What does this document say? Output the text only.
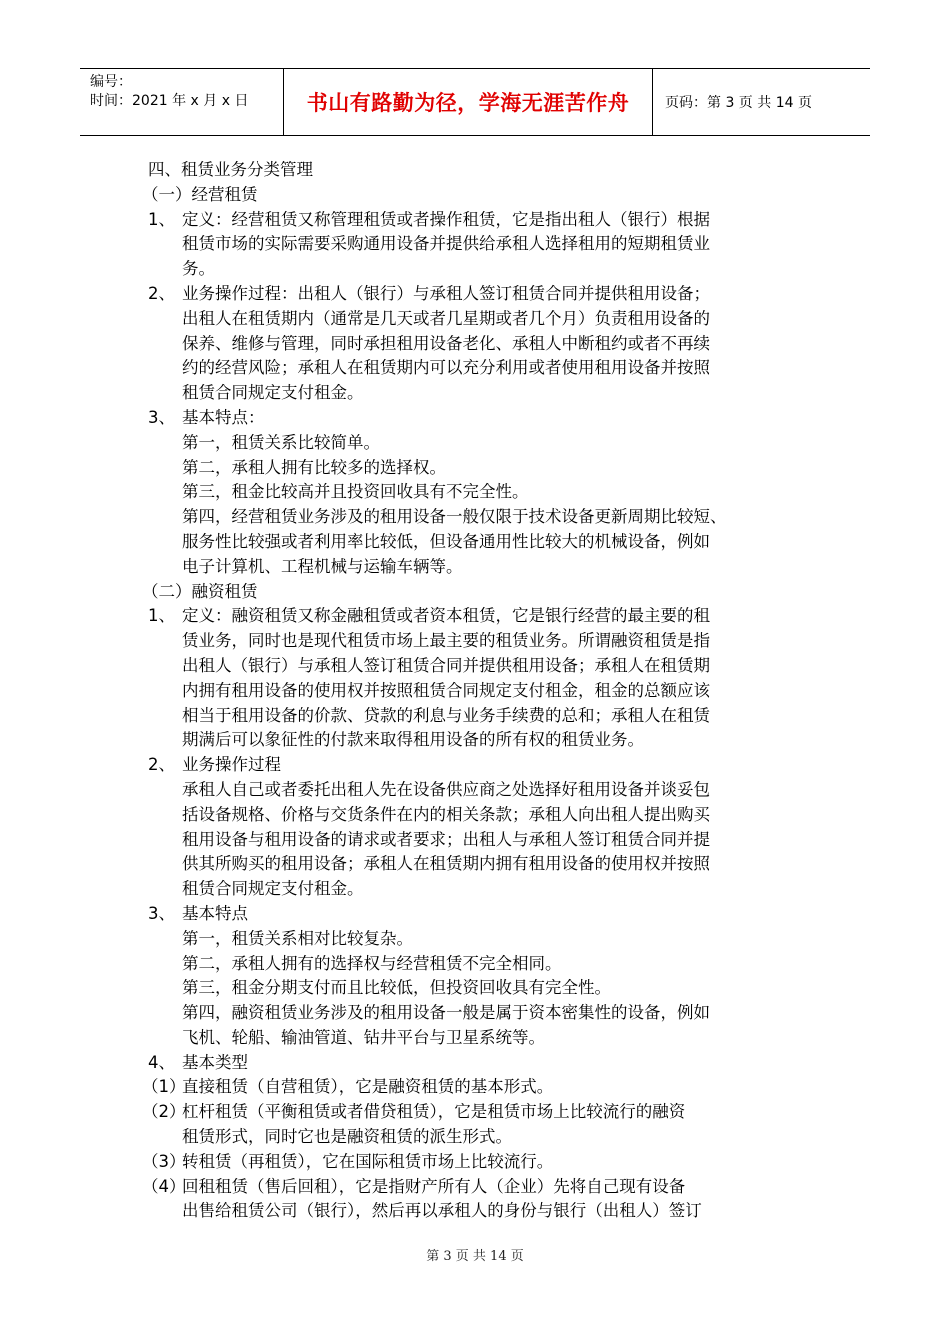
编号：
时间：2021 年 x 月 x 日	书山有路勤为径，学海无涯苦作舟	页码：第 3 页 共 14 页
四、租赁业务分类管理
（一）经营租赁
1、 定义：经营租赁又称管理租赁或者操作租赁，它是指出租人（银行）根据
租赁市场的实际需要采购通用设备并提供给承租人选择租用的短期租赁业
务。
2、 业务操作过程：出租人（银行）与承租人签订租赁合同并提供租用设备；
出租人在租赁期内（通常是几天或者几星期或者几个月）负责租用设备的
保养、维修与管理，同时承担租用设备老化、承租人中断租约或者不再续
约的经营风险；承租人在租赁期内可以充分利用或者使用租用设备并按照
租赁合同规定支付租金。
3、 基本特点：
第一，租赁关系比较简单。
第二，承租人拥有比较多的选择权。
第三，租金比较高并且投资回收具有不完全性。
第四，经营租赁业务涉及的租用设备一般仅限于技术设备更新周期比较短、
服务性比较强或者利用率比较低，但设备通用性比较大的机械设备，例如
电子计算机、工程机械与运输车辆等。
（二）融资租赁
1、 定义：融资租赁又称金融租赁或者资本租赁，它是银行经营的最主要的租
赁业务，同时也是现代租赁市场上最主要的租赁业务。所谓融资租赁是指
出租人（银行）与承租人签订租赁合同并提供租用设备；承租人在租赁期
内拥有租用设备的使用权并按照租赁合同规定支付租金，租金的总额应该
相当于租用设备的价款、贷款的利息与业务手续费的总和；承租人在租赁
期满后可以象征性的付款来取得租用设备的所有权的租赁业务。
2、 业务操作过程
承租人自己或者委托出租人先在设备供应商之处选择好租用设备并谈妥包
括设备规格、价格与交货条件在内的相关条款；承租人向出租人提出购买
租用设备与租用设备的请求或者要求；出租人与承租人签订租赁合同并提
供其所购买的租用设备；承租人在租赁期内拥有租用设备的使用权并按照
租赁合同规定支付租金。
3、 基本特点
第一，租赁关系相对比较复杂。
第二，承租人拥有的选择权与经营租赁不完全相同。
第三，租金分期支付而且比较低，但投资回收具有完全性。
第四，融资租赁业务涉及的租用设备一般是属于资本密集性的设备，例如
飞机、轮船、输油管道、钻井平台与卫星系统等。
4、 基本类型
（1）
直接租赁（自营租赁），它是融资租赁的基本形式。
（2）
杠杆租赁（平衡租赁或者借贷租赁），它是租赁市场上比较流行的融资
租赁形式，同时它也是融资租赁的派生形式。
（3）
转租赁（再租赁），它在国际租赁市场上比较流行。
（4）
回租租赁（售后回租），它是指财产所有人（企业）先将自己现有设备
出售给租赁公司（银行），然后再以承租人的身份与银行（出租人）签订
第 3 页 共 14 页
